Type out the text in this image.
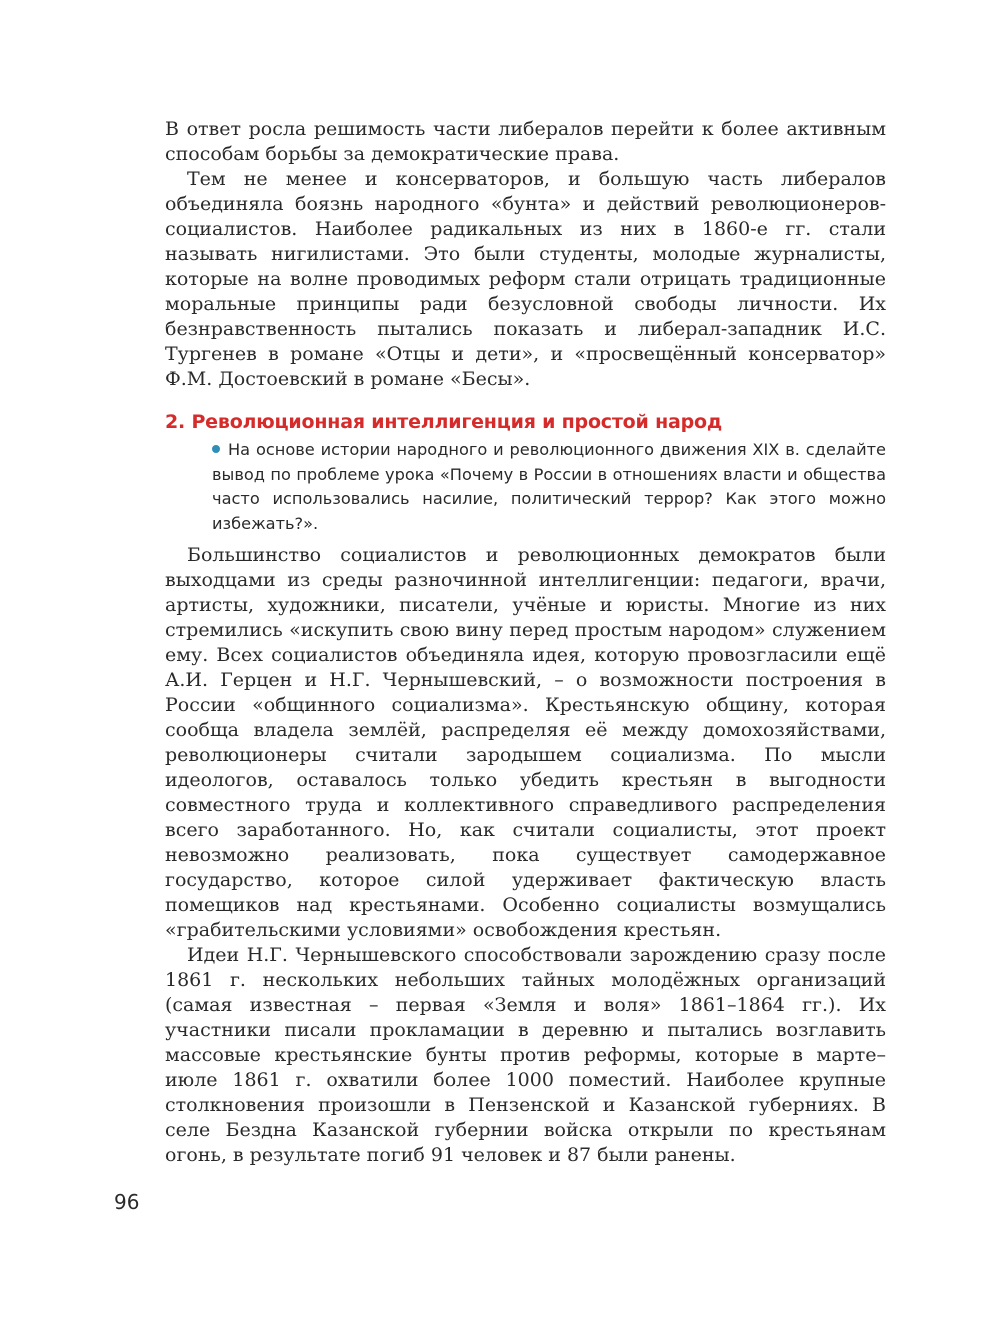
В ответ росла решимость части либералов перейти к более активным способам борьбы за демократические права.

Тем не менее и консерваторов, и большую часть либералов объединяла боязнь народного «бунта» и действий революционеров-социалистов. Наиболее радикальных из них в 1860-е гг. стали называть нигилистами. Это были студенты, молодые журналисты, которые на волне проводимых реформ стали отрицать традиционные моральные принципы ради безусловной свободы личности. Их безнравственность пытались показать и либерал-западник И.С. Тургенев в романе «Отцы и дети», и «просвещённый консерватор» Ф.М. Достоевский в романе «Бесы».

2. Революционная интеллигенция и простой народ

На основе истории народного и революционного движения XIX в. сделайте вывод по проблеме урока «Почему в России в отношениях власти и общества часто использовались насилие, политический террор? Как этого можно избежать?».

Большинство социалистов и революционных демократов были выходцами из среды разночинной интеллигенции: педагоги, врачи, артисты, художники, писатели, учёные и юристы. Многие из них стремились «искупить свою вину перед простым народом» служением ему. Всех социалистов объединяла идея, которую провозгласили ещё А.И. Герцен и Н.Г. Чернышевский, – о возможности построения в России «общинного социализма». Крестьянскую общину, которая сообща владела землёй, распределяя её между домохозяйствами, революционеры считали зародышем социализма. По мысли идеологов, оставалось только убедить крестьян в выгодности совместного труда и коллективного справедливого распределения всего заработанного. Но, как считали социалисты, этот проект невозможно реализовать, пока существует самодержавное государство, которое силой удерживает фактическую власть помещиков над крестьянами. Особенно социалисты возмущались «грабительскими условиями» освобождения крестьян.

Идеи Н.Г. Чернышевского способствовали зарождению сразу после 1861 г. нескольких небольших тайных молодёжных организаций (самая известная – первая «Земля и воля» 1861–1864 гг.). Их участники писали прокламации в деревню и пытались возглавить массовые крестьянские бунты против реформы, которые в марте–июле 1861 г. охватили более 1000 поместий. Наиболее крупные столкновения произошли в Пензенской и Казанской губерниях. В селе Бездна Казанской губернии войска открыли по крестьянам огонь, в результате погиб 91 человек и 87 были ранены.

96
